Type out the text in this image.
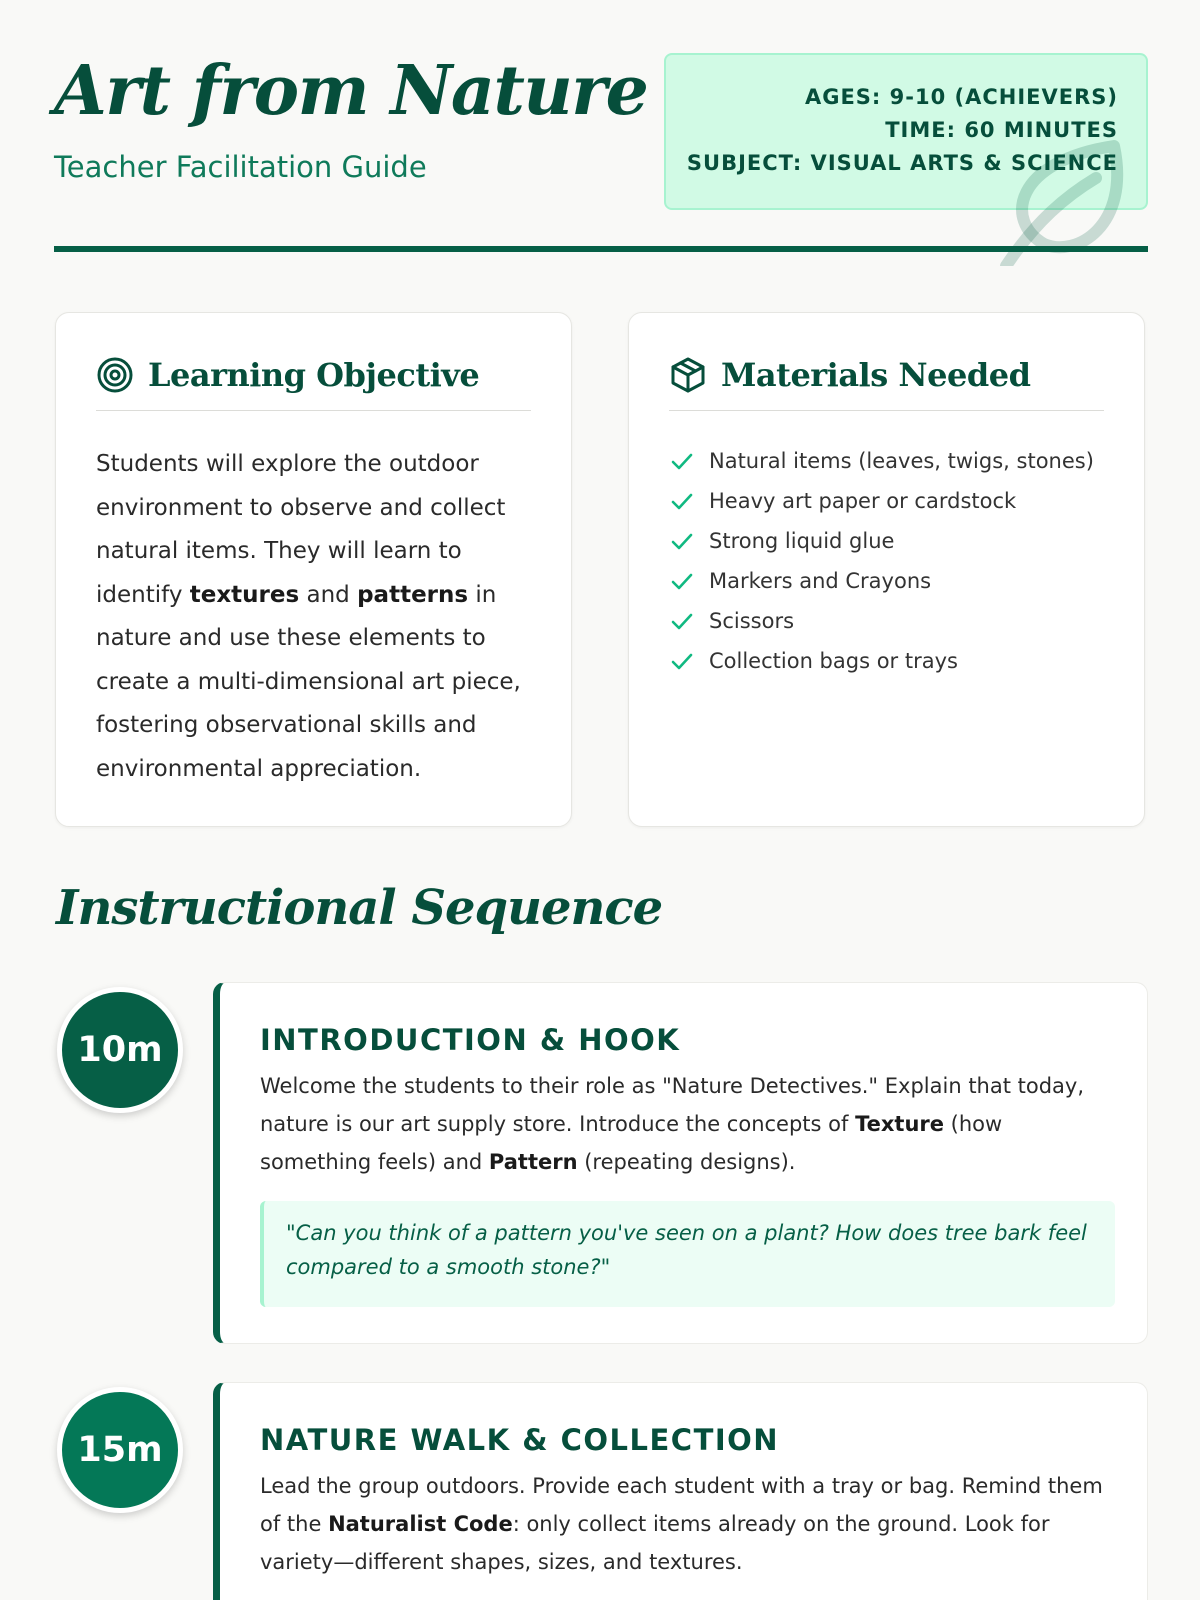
Art from Nature
Teacher Facilitation Guide
AGES: 9-10 (ACHIEVERS)
TIME: 60 MINUTES
SUBJECT: VISUAL ARTS & SCIENCE
Learning Objective

Students will explore the outdoor environment to observe and collect natural items. They will learn to identify textures and patterns in nature and use these elements to create a multi-dimensional art piece, fostering observational skills and environmental appreciation.

Materials Needed
Natural items (leaves, twigs, stones)
Heavy art paper or cardstock
Strong liquid glue
Markers and Crayons
Scissors
Collection bags or trays
Instructional Sequence
10m	INTRODUCTION & HOOK

Welcome the students to their role as "Nature Detectives." Explain that today, nature is our art supply store. Introduce the concepts of Texture (how something feels) and Pattern (repeating designs).

"Can you think of a pattern you've seen on a plant? How does tree bark feel compared to a smooth stone?"

15m	NATURE WALK & COLLECTION

Lead the group outdoors. Provide each student with a tray or bag. Remind them of the Naturalist Code: only collect items already on the ground. Look for variety—different shapes, sizes, and textures.
